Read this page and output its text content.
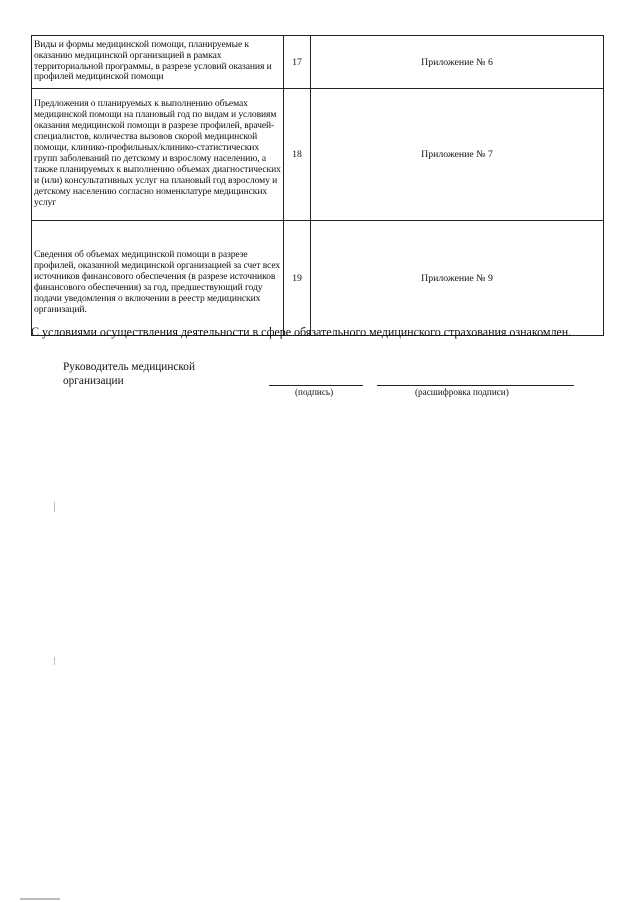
Виды и формы медицинской помощи, планируемые к оказанию медицинской организацией в рамках территориальной программы, в разрезе условий оказания и профилей медицинской помощи	17	Приложение № 6
Предложения о планируемых к выполнению объемах медицинской помощи на плановый год по видам и условиям оказания медицинской помощи в разрезе профилей, врачей-специалистов, количества вызовов скорой медицинской помощи, клинико-профильных/клинико-статистических групп заболеваний по детскому и взрослому населению, а также планируемых к выполнению объемах диагностических и (или) консультативных услуг на плановый год взрослому и детскому населению согласно номенклатуре медицинских услуг	18	Приложение № 7
Сведения об объемах медицинской помощи в разрезе профилей, оказанной медицинской организацией за счет всех источников финансового обеспечения (в разрезе источников финансового обеспечения) за год, предшествующий году подачи уведомления о включении в реестр медицинских организаций.	19	Приложение № 9
С условиями осуществления деятельности в сфере обязательного медицинского страхования ознакомлен.
Руководитель медицинской
организации
(подпись)	(расшифровка подписи)
